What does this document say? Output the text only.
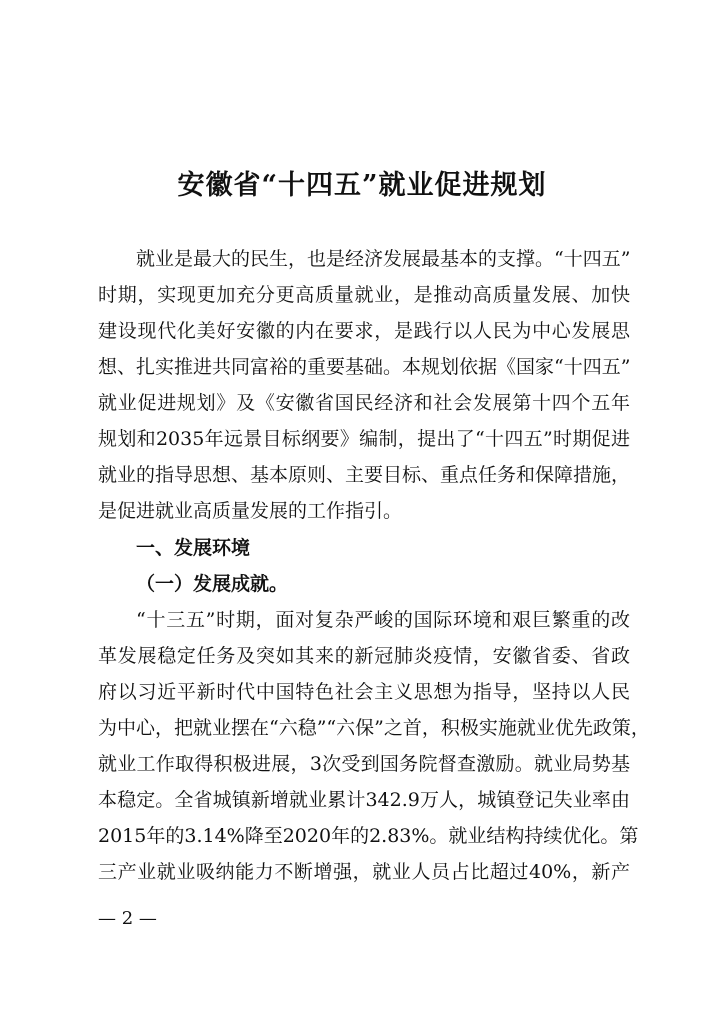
安徽省“十四五”就业促进规划
就业是最大的民生，也是经济发展最基本的支撑。“十四五”
时期，实现更加充分更高质量就业，是推动高质量发展、加快
建设现代化美好安徽的内在要求，是践行以人民为中心发展思
想、扎实推进共同富裕的重要基础。本规划依据《国家“十四五”
就业促进规划》及《安徽省国民经济和社会发展第十四个五年
规划和2035年远景目标纲要》编制，提出了“十四五”时期促进
就业的指导思想、基本原则、主要目标、重点任务和保障措施，
是促进就业高质量发展的工作指引。
一、发展环境
（一）发展成就。
“十三五”时期，面对复杂严峻的国际环境和艰巨繁重的改
革发展稳定任务及突如其来的新冠肺炎疫情，安徽省委、省政
府以习近平新时代中国特色社会主义思想为指导，坚持以人民
为中心，把就业摆在“六稳”“六保”之首，积极实施就业优先政策，
就业工作取得积极进展，3次受到国务院督查激励。就业局势基
本稳定。全省城镇新增就业累计342.9万人，城镇登记失业率由
2015年的3.14%降至2020年的2.83%。就业结构持续优化。第
三产业就业吸纳能力不断增强，就业人员占比超过40%，新产
— 2 —
